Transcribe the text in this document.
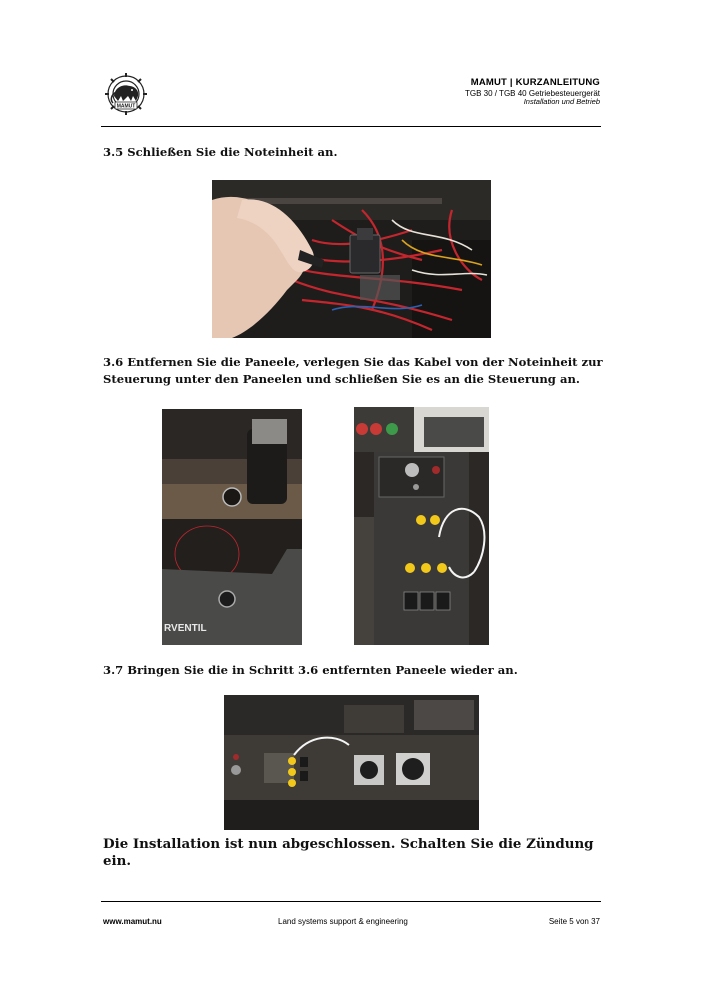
MAMUT
MAMUT | KURZANLEITUNG
TGB 30 / TGB 40 Getriebesteuergerät
Installation und Betrieb
3.5 Schließen Sie die Noteinheit an.
3.6 Entfernen Sie die Paneele, verlegen Sie das Kabel von der Noteinheit zur Steuerung unter den Paneelen und schließen Sie es an die Steuerung an.
RVENTIL
3.7 Bringen Sie die in Schritt 3.6 entfernten Paneele wieder an.
Die Installation ist nun abgeschlossen. Schalten Sie die Zündung ein.
www.mamut.nu	Land systems support & engineering	Seite 5 von 37
